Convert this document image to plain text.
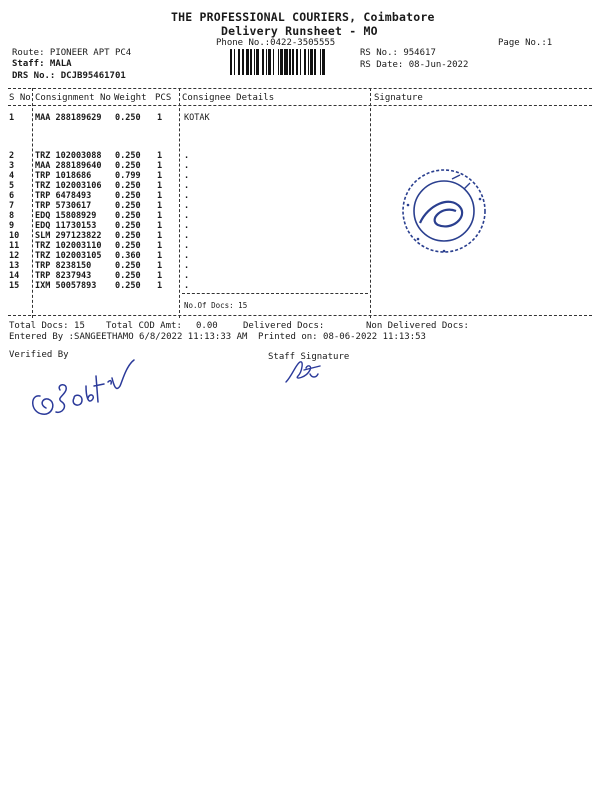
THE PROFESSIONAL COURIERS, Coimbatore
Delivery Runsheet - MO
Phone No.:0422-3505555	Page No.:1
Route: PIONEER APT PC4
Staff: MALA
DRS No.: DCJB95461701
RS No.: 954617
RS Date: 08-Jun-2022
S No Consignment No Weight PCS Consignee Details	Signature
1 MAA 288189629 0.250 1	KOTAK
2 TRZ 102003088 0.250 1	.
3 MAA 288189640 0.250 1	.
4 TRP 1018686	0.799 1	.
5 TRZ 102003106 0.250 1	.
6 TRP 6478493	0.250 1	.
7 TRP 5730617	0.250 1	.
8 EDQ 15808929 0.250 1	.
9 EDQ 11730153 0.250 1	.
10 SLM 297123822 0.250 1	.
11 TRZ 102003110 0.250 1	.
12 TRZ 102003105 0.360 1	.
13 TRP 8238150	0.250 1	.
14 TRP 8237943	0.250 1	.
15 IXM 50057893 0.250 1	.
No.Of Docs: 15
Total Docs: 15 Total COD Amt: 0.00	Delivered Docs:	Non Delivered Docs:
Entered By :SANGEETHAMO 6/8/2022 11:13:33 AM Printed on: 08-06-2022 11:13:53
Verified By	Staff Signature
